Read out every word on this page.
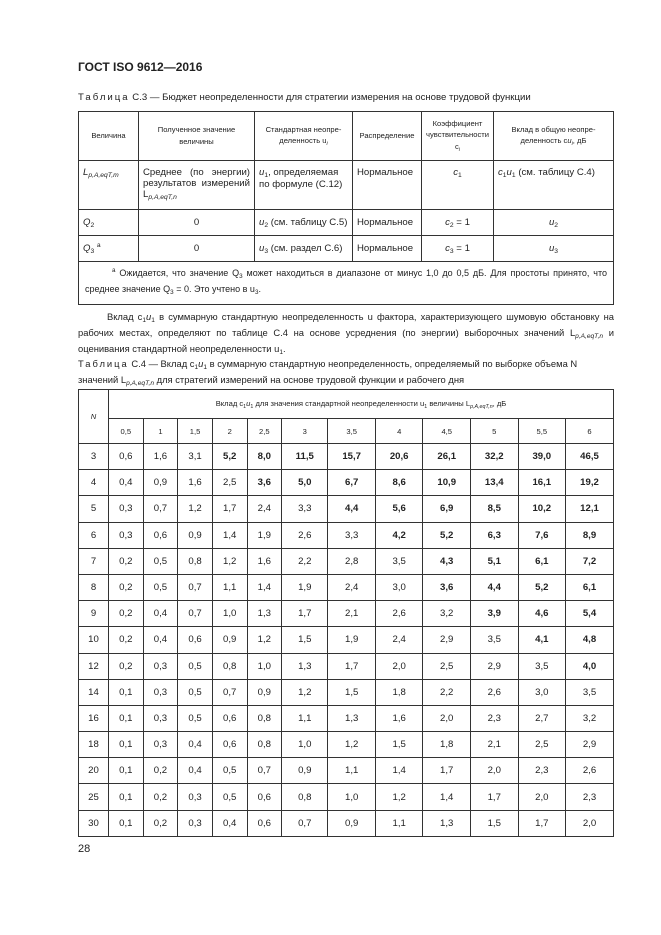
ГОСТ ISO 9612—2016
Таблица С.3 — Бюджет неопределенности для стратегии измерения на основе трудовой функции
Величина	Полученное значение величины	Стандартная неопределенность $u_i$	Распределение	Коэффициент чувствительности $c_i$	Вклад в общую неопределенность $cu_i$, дБ
$L_{p,A,eqT,m}$	Среднее (по энергии) результатов измерений $L_{p,A,eqT,n}$	$u_1$, определяемая по формуле (С.12)	Нормальное	$c_1$	$c_1u_1$ (см. таблицу С.4)
$Q_2$	0	$u_2$ (см. таблицу С.5)	Нормальное	$c_2 = 1$	$u_2$
$Q_3$ $^a$	0	$u_3$ (см. раздел С.6)	Нормальное	$c_3 = 1$	$u_3$
$^a$ Ожидается, что значение $Q_3$ может находиться в диапазоне от минус 1,0 до 0,5 дБ. Для простоты принято, что среднее значение $Q_3 = 0$. Это учтено в $u_3$.					
Вклад $c_1u_1$ в суммарную стандартную неопределенность u фактора, характеризующего шумовую обстановку на рабочих местах, определяют по таблице С.4 на основе усреднения (по энергии) выборочных значений $L_{p,A,eqT,n}$ и оценивания стандартной неопределенности $u_1$.
Таблица С.4 — Вклад $c_1u_1$ в суммарную стандартную неопределенность, определяемый по выборке объема N значений $L_{p,A,eqT,n}$ для стратегий измерений на основе трудовой функции и рабочего дня
N	Вклад $c_1u_1$ для значения стандартной неопределенности $u_1$ величины $L_{p,A,eqT,n}$, дБ											
	0,5	1	1,5	2	2,5	3	3,5	4	4,5	5	5,5	6
3	0,6	1,6	3,1	5,2	8,0	11,5	15,7	20,6	26,1	32,2	39,0	46,5
4	0,4	0,9	1,6	2,5	3,6	5,0	6,7	8,6	10,9	13,4	16,1	19,2
5	0,3	0,7	1,2	1,7	2,4	3,3	4,4	5,6	6,9	8,5	10,2	12,1
6	0,3	0,6	0,9	1,4	1,9	2,6	3,3	4,2	5,2	6,3	7,6	8,9
7	0,2	0,5	0,8	1,2	1,6	2,2	2,8	3,5	4,3	5,1	6,1	7,2
8	0,2	0,5	0,7	1,1	1,4	1,9	2,4	3,0	3,6	4,4	5,2	6,1
9	0,2	0,4	0,7	1,0	1,3	1,7	2,1	2,6	3,2	3,9	4,6	5,4
10	0,2	0,4	0,6	0,9	1,2	1,5	1,9	2,4	2,9	3,5	4,1	4,8
12	0,2	0,3	0,5	0,8	1,0	1,3	1,7	2,0	2,5	2,9	3,5	4,0
14	0,1	0,3	0,5	0,7	0,9	1,2	1,5	1,8	2,2	2,6	3,0	3,5
16	0,1	0,3	0,5	0,6	0,8	1,1	1,3	1,6	2,0	2,3	2,7	3,2
18	0,1	0,3	0,4	0,6	0,8	1,0	1,2	1,5	1,8	2,1	2,5	2,9
20	0,1	0,2	0,4	0,5	0,7	0,9	1,1	1,4	1,7	2,0	2,3	2,6
25	0,1	0,2	0,3	0,5	0,6	0,8	1,0	1,2	1,4	1,7	2,0	2,3
30	0,1	0,2	0,3	0,4	0,6	0,7	0,9	1,1	1,3	1,5	1,7	2,0
28
